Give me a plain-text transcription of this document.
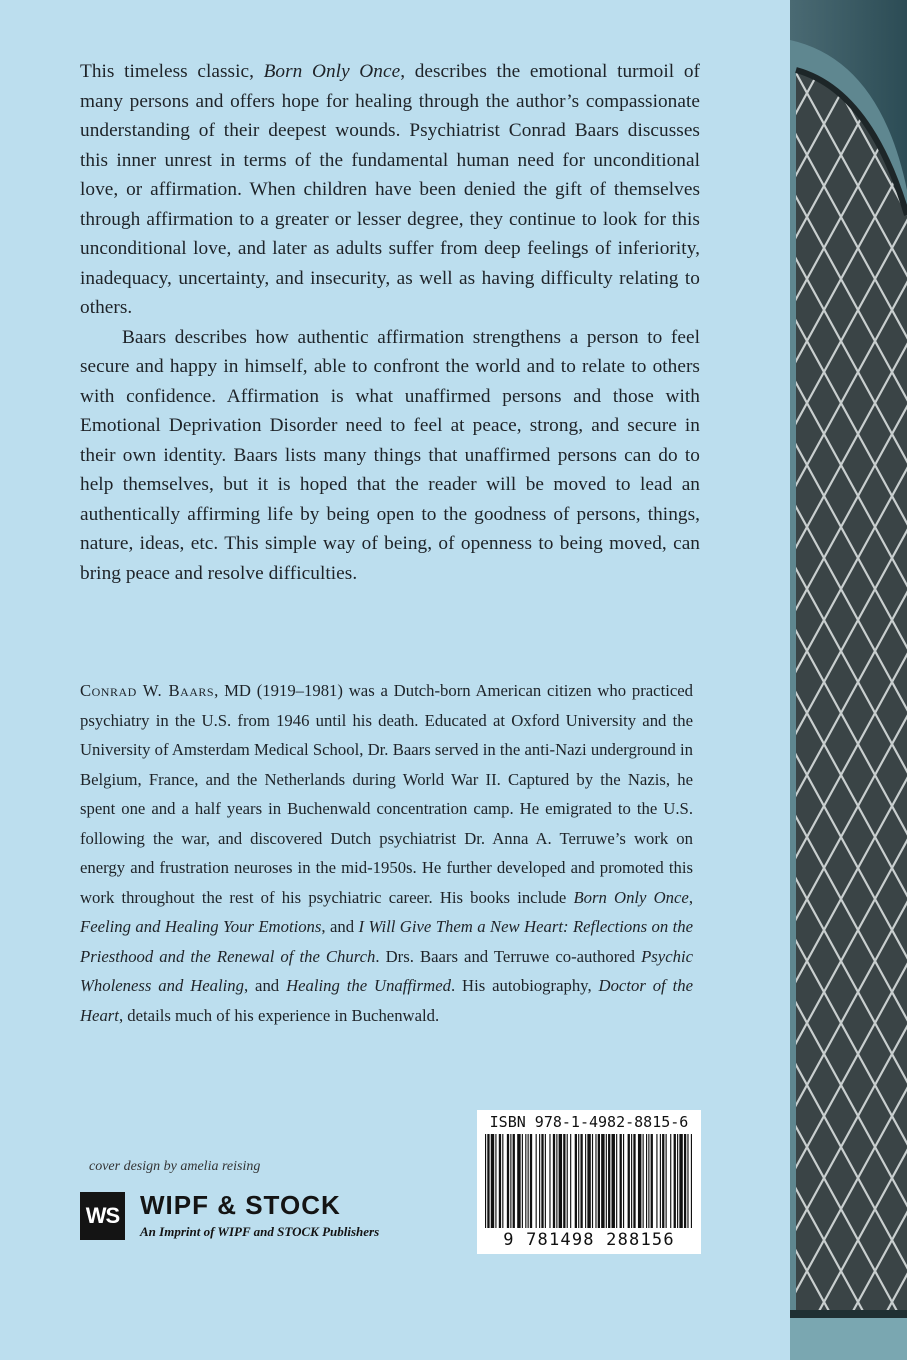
This timeless classic, Born Only Once, describes the emotional turmoil of many persons and offers hope for healing through the author’s compassionate understanding of their deepest wounds. Psychiatrist Conrad Baars discusses this inner unrest in terms of the fundamental human need for unconditional love, or affirmation. When children have been denied the gift of themselves through affirmation to a greater or lesser degree, they continue to look for this unconditional love, and later as adults suffer from deep feelings of inferiority, inadequacy, uncertainty, and insecurity, as well as having difficulty relating to others.

Baars describes how authentic affirmation strengthens a person to feel secure and happy in himself, able to confront the world and to relate to others with confidence. Affirmation is what unaffirmed persons and those with Emotional Deprivation Disorder need to feel at peace, strong, and secure in their own identity. Baars lists many things that unaffirmed persons can do to help themselves, but it is hoped that the reader will be moved to lead an authentically affirming life by being open to the goodness of persons, things, nature, ideas, etc. This simple way of being, of openness to being moved, can bring peace and resolve difficulties.

Conrad W. Baars, MD (1919–1981) was a Dutch-born American citizen who practiced psychiatry in the U.S. from 1946 until his death. Educated at Oxford University and the University of Amsterdam Medical School, Dr. Baars served in the anti-Nazi underground in Belgium, France, and the Netherlands during World War II. Captured by the Nazis, he spent one and a half years in Buchenwald concentration camp. He emigrated to the U.S. following the war, and discovered Dutch psychiatrist Dr. Anna A. Terruwe’s work on energy and frustration neuroses in the mid-1950s. He further developed and promoted this work throughout the rest of his psychiatric career. His books include Born Only Once, Feeling and Healing Your Emotions, and I Will Give Them a New Heart: Reflections on the Priesthood and the Renewal of the Church. Drs. Baars and Terruwe co-authored Psychic Wholeness and Healing, and Healing the Unaffirmed. His autobiography, Doctor of the Heart, details much of his experience in Buchenwald.

ISBN 978-1-4982-8815-6
9 781498 288156
cover design by amelia reising
WS WIPF & STOCK
An Imprint of WIPF and STOCK Publishers
